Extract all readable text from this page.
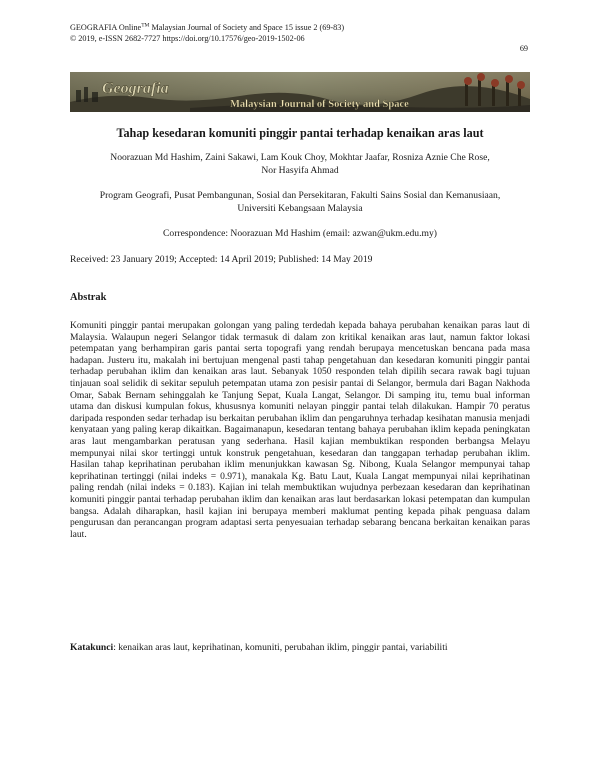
GEOGRAFIA Online™ Malaysian Journal of Society and Space 15 issue 2 (69-83)
© 2019, e-ISSN 2682-7727 https://doi.org/10.17576/geo-2019-1502-06
69
Geografia
Malaysian Journal of Society and Space
Tahap kesedaran komuniti pinggir pantai terhadap kenaikan aras laut
Noorazuan Md Hashim, Zaini Sakawi, Lam Kouk Choy, Mokhtar Jaafar, Rosniza Aznie Che Rose, Nor Hasyifa Ahmad
Program Geografi, Pusat Pembangunan, Sosial dan Persekitaran, Fakulti Sains Sosial dan Kemanusiaan, Universiti Kebangsaan Malaysia
Correspondence: Noorazuan Md Hashim (email: azwan@ukm.edu.my)
Received: 23 January 2019; Accepted: 14 April 2019; Published: 14 May 2019
Abstrak
Komuniti pinggir pantai merupakan golongan yang paling terdedah kepada bahaya perubahan kenaikan paras laut di Malaysia. Walaupun negeri Selangor tidak termasuk di dalam zon kritikal kenaikan aras laut, namun faktor lokasi petempatan yang berhampiran garis pantai serta topografi yang rendah berupaya mencetuskan bencana pada masa hadapan. Justeru itu, makalah ini bertujuan mengenal pasti tahap pengetahuan dan kesedaran komuniti pinggir pantai terhadap perubahan iklim dan kenaikan aras laut. Sebanyak 1050 responden telah dipilih secara rawak bagi tujuan tinjauan soal selidik di sekitar sepuluh petempatan utama zon pesisir pantai di Selangor, bermula dari Bagan Nakhoda Omar, Sabak Bernam sehinggalah ke Tanjung Sepat, Kuala Langat, Selangor. Di samping itu, temu bual informan utama dan diskusi kumpulan fokus, khususnya komuniti nelayan pinggir pantai telah dilakukan. Hampir 70 peratus daripada responden sedar terhadap isu berkaitan perubahan iklim dan pengaruhnya terhadap kesihatan manusia menjadi kenyataan yang paling kerap dikaitkan. Bagaimanapun, kesedaran tentang bahaya perubahan iklim kepada peningkatan aras laut mengambarkan peratusan yang sederhana. Hasil kajian membuktikan responden berbangsa Melayu mempunyai nilai skor tertinggi untuk konstruk pengetahuan, kesedaran dan tanggapan terhadap perubahan iklim. Hasilan tahap keprihatinan perubahan iklim menunjukkan kawasan Sg. Nibong, Kuala Selangor mempunyai tahap keprihatinan tertinggi (nilai indeks = 0.971), manakala Kg. Batu Laut, Kuala Langat mempunyai nilai keprihatinan paling rendah (nilai indeks = 0.183). Kajian ini telah membuktikan wujudnya perbezaan kesedaran dan keprihatinan komuniti pinggir pantai terhadap perubahan iklim dan kenaikan aras laut berdasarkan lokasi petempatan dan kumpulan bangsa. Adalah diharapkan, hasil kajian ini berupaya memberi maklumat penting kepada pihak penguasa dalam pengurusan dan perancangan program adaptasi serta penyesuaian terhadap sebarang bencana berkaitan kenaikan paras laut.
Katakunci: kenaikan aras laut, keprihatinan, komuniti, perubahan iklim, pinggir pantai, variabiliti
